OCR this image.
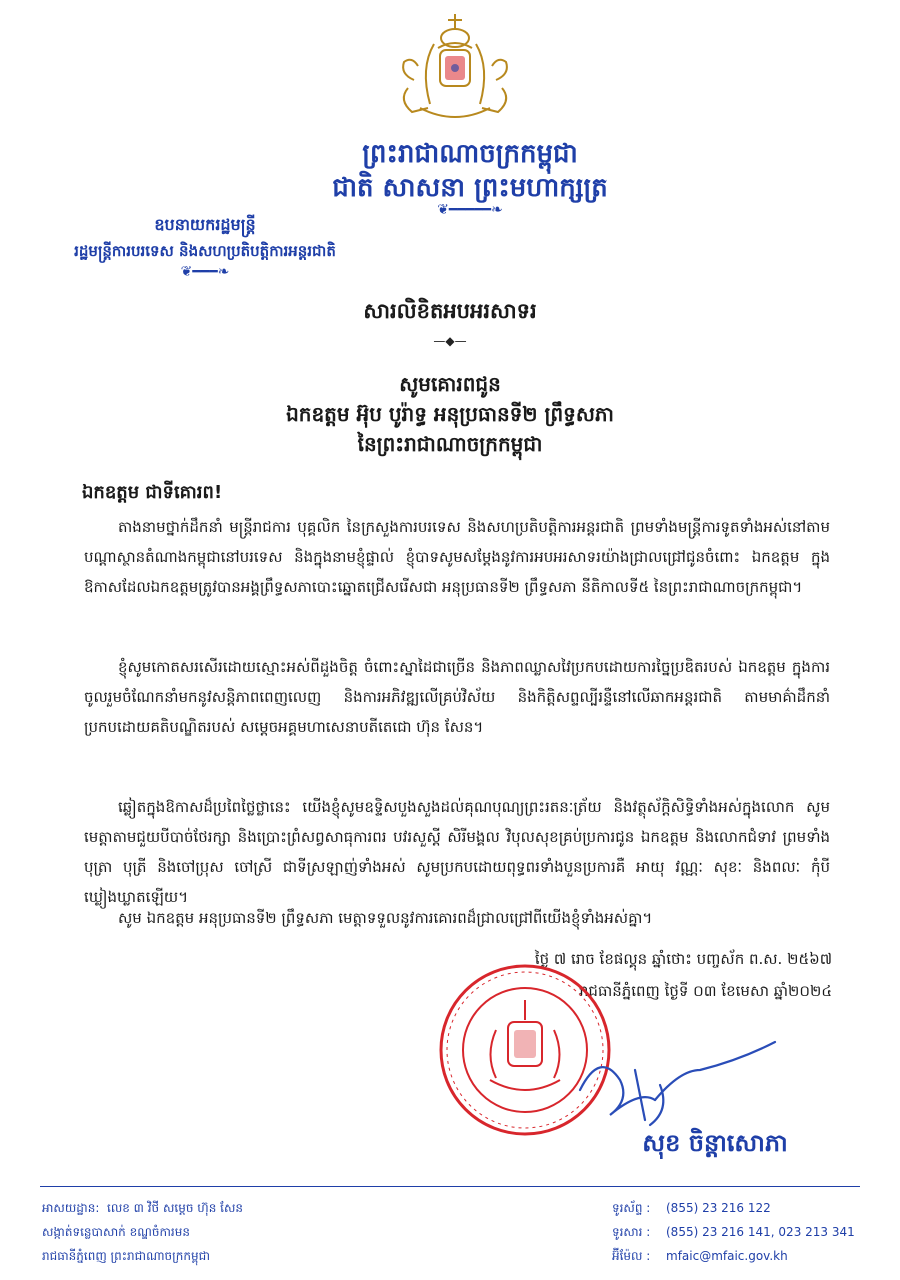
ព្រះរាជាណាចក្រកម្ពុជា
ជាតិ សាសនា ព្រះមហាក្សត្រ
❦━━━━━❧
ឧបនាយករដ្ឋមន្ត្រី
រដ្ឋមន្ត្រីការបរទេស និងសហប្រតិបត្តិការអន្តរជាតិ
❦━━━❧
សារលិខិតអបអរសាទរ
—◆—
សូមគោរពជូន
ឯកឧត្តម អ៊ុប បូរ៉ាទ្ធ អនុប្រធានទី២ ព្រឹទ្ធសភា
នៃព្រះរាជាណាចក្រកម្ពុជា
ឯកឧត្តម ជាទីគោរព!
តាងនាមថ្នាក់ដឹកនាំ មន្ត្រីរាជការ បុគ្គលិក នៃក្រសួងការបរទេស និងសហប្រតិបត្តិការអន្តរជាតិ ព្រមទាំងមន្ត្រីការទូតទាំងអស់នៅតាមបណ្តាស្ថានតំណាងកម្ពុជានៅបរទេស និងក្នុងនាមខ្ញុំផ្ទាល់ ខ្ញុំបាទសូមសម្តែងនូវការអបអរសាទរយ៉ាងជ្រាលជ្រៅជូនចំពោះ ឯកឧត្តម ក្នុងឱកាសដែលឯកឧត្តមត្រូវបានអង្គព្រឹទ្ធសភាបោះឆ្នោតជ្រើសរើសជា អនុប្រធានទី២ ព្រឹទ្ធសភា នីតិកាលទី៥ នៃព្រះរាជាណាចក្រកម្ពុជា។
ខ្ញុំសូមកោតសរសើរដោយស្មោះអស់ពីដួងចិត្ត ចំពោះស្នាដៃជាច្រើន និងភាពឈ្លាសវៃប្រកបដោយការច្នៃប្រឌិតរបស់ ឯកឧត្តម ក្នុងការចូលរួមចំណែកនាំមកនូវសន្តិភាពពេញលេញ និងការអភិវឌ្ឍលើគ្រប់វិស័យ និងកិត្តិសព្ទល្បីរន្ទឺនៅលើឆាកអន្តរជាតិ តាមមាគ៌ាដឹកនាំប្រកបដោយគតិបណ្ឌិតរបស់ សម្តេចអគ្គមហាសេនាបតីតេជោ ហ៊ុន សែន។
ឆ្លៀតក្នុងឱកាសដ៏ប្រពៃថ្លៃថ្លានេះ យើងខ្ញុំសូមឧទ្ទិសបួងសួងដល់គុណបុណ្យព្រះរតនៈត្រ័យ និងវត្ថុស័ក្តិសិទ្ធិទាំងអស់ក្នុងលោក សូមមេត្តាតាមជួយបីបាច់ថែរក្សា និងប្រោះព្រំសព្វសាធុការពរ បវរសួស្តី សិរីមង្គល វិបុលសុខគ្រប់ប្រការជូន ឯកឧត្តម និងលោកជំទាវ ព្រមទាំង បុត្រា បុត្រី និងចៅប្រុស ចៅស្រី ជាទីស្រឡាញ់ទាំងអស់ សូមប្រកបដោយពុទ្ធពរទាំងបួនប្រការគឺ អាយុ វណ្ណៈ សុខៈ និងពលៈ កុំបីឃ្លៀងឃ្លាតឡើយ។
សូម ឯកឧត្តម អនុប្រធានទី២ ព្រឹទ្ធសភា មេត្តាទទួលនូវការគោរពដ៏ជ្រាលជ្រៅពីយើងខ្ញុំទាំងអស់គ្នា។
ថ្ងៃ ៧ រោច ខែផល្គុន ឆ្នាំថោះ បញ្ចស័ក ព.ស. ២៥៦៧
រាជធានីភ្នំពេញ ថ្ងៃទី ០៣ ខែមេសា ឆ្នាំ២០២៤
សុខ ចិន្តាសោភា
អាសយដ្ឋាន: លេខ ៣ វិថី សម្តេច ហ៊ុន សែន
សង្កាត់ទន្លេបាសាក់ ខណ្ឌចំការមន
រាជធានីភ្នំពេញ ព្រះរាជាណាចក្រកម្ពុជា
ទូរស័ព្ទ : (855) 23 216 122
ទូរសារ : (855) 23 216 141, 023 213 341
អ៊ីម៉ែល : mfaic@mfaic.gov.kh
